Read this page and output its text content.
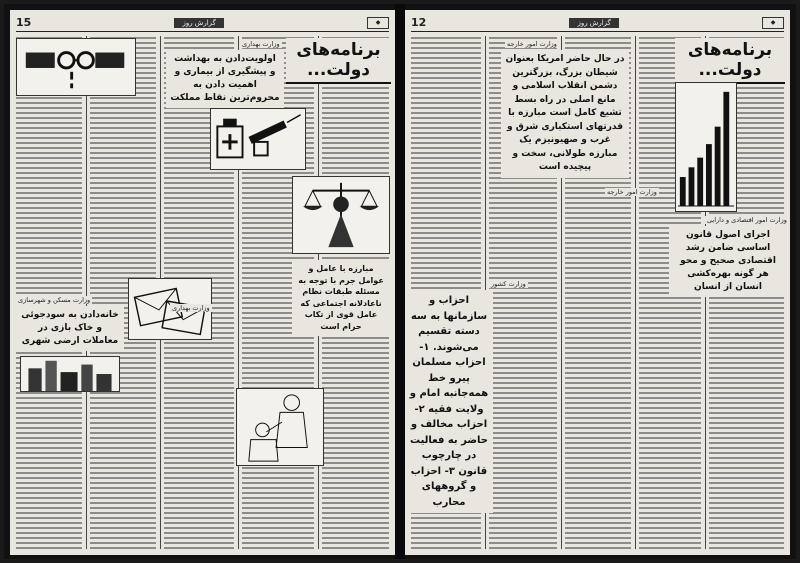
◆
گزارش روز
15
برنامه‌های دولت...
وزارت بهداری
اولویت‌دادن به بهداشت و پیشگیری از بیماری و اهمیت دادن به محروم‌ترین نقاط مملکت
مبارزه با عامل و عوامل جرم با توجه به مسئله طبقات نظام ناعادلانه اجتماعی که عامل قوی از تکاب حرام است
وزارت مسکن و شهرسازی
خانه‌دادن به سودجوئی و خاک بازی در معاملات ارضی شهری
وزارت بهداری
◆
گزارش روز
12
وزارت امور خارجه
در حال حاضر امریکا بعنوان شیطان بزرگ، بزرگترین دشمن انقلاب اسلامی و مانع اصلی در راه بسط تشیع کامل است مبارزه با قدرتهای استکباری شرق و غرب و صهیونیزم یک مبارزه طولانی، سخت و پیچیده است
برنامه‌های دولت...
وزارت امور اقتصادی و دارایی
اجرای اصول قانون اساسی ضامن رشد اقتصادی صحیح و محو هر گونه بهره‌کشی انسان از انسان
وزارت امور خارجه
وزارت کشور
احزاب و سازمانها به سه دسته تقسیم می‌شوند. ۱- احزاب مسلمان پیرو خط همه‌جانبه امام و ولایت فقیه ۲- احزاب مخالف و حاضر به فعالیت در چارچوب قانون ۳- احزاب و گروههای محارب
